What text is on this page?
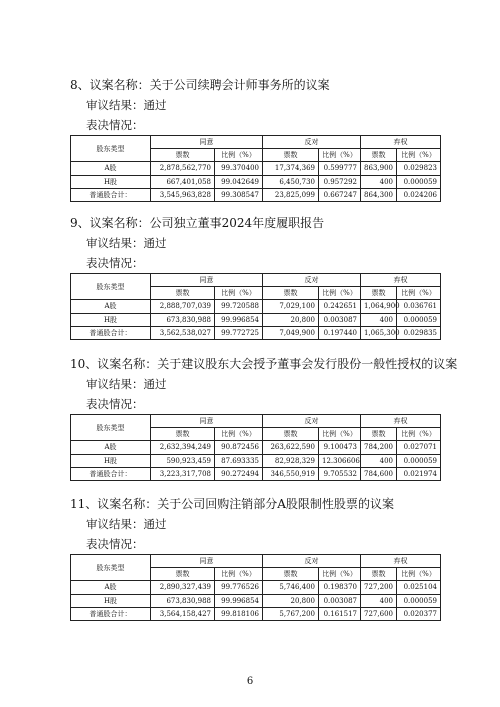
8、议案名称：关于公司续聘会计师事务所的议案

审议结果：通过

表决情况：

股东类型	同意		反对		弃权	
	票数	比例（%）	票数	比例（%）	票数	比例（%）
A股	2,878,562,770	99.370400	17,374,369	0.599777	863,900	0.029823
H股	667,401,058	99.042649	6,450,730	0.957292	400	0.000059
普通股合计：	3,545,963,828	99.308547	23,825,099	0.667247	864,300	0.024206

9、议案名称：公司独立董事2024年度履职报告

审议结果：通过

表决情况：

股东类型	同意		反对		弃权	
	票数	比例（%）	票数	比例（%）	票数	比例（%）
A股	2,888,707,039	99.720588	7,029,100	0.242651	1,064,900	0.036761
H股	673,830,988	99.996854	20,800	0.003087	400	0.000059
普通股合计：	3,562,538,027	99.772725	7,049,900	0.197440	1,065,300	0.029835

10、议案名称：关于建议股东大会授予董事会发行股份一般性授权的议案

审议结果：通过

表决情况：

股东类型	同意		反对		弃权	
	票数	比例（%）	票数	比例（%）	票数	比例（%）
A股	2,632,394,249	90.872456	263,622,590	9.100473	784,200	0.027071
H股	590,923,459	87.693335	82,928,329	12.306606	400	0.000059
普通股合计：	3,223,317,708	90.272494	346,550,919	9.705532	784,600	0.021974

11、议案名称：关于公司回购注销部分A股限制性股票的议案

审议结果：通过

表决情况：

股东类型	同意		反对		弃权	
	票数	比例（%）	票数	比例（%）	票数	比例（%）
A股	2,890,327,439	99.776526	5,746,400	0.198370	727,200	0.025104
H股	673,830,988	99.996854	20,800	0.003087	400	0.000059
普通股合计：	3,564,158,427	99.818106	5,767,200	0.161517	727,600	0.020377
6
